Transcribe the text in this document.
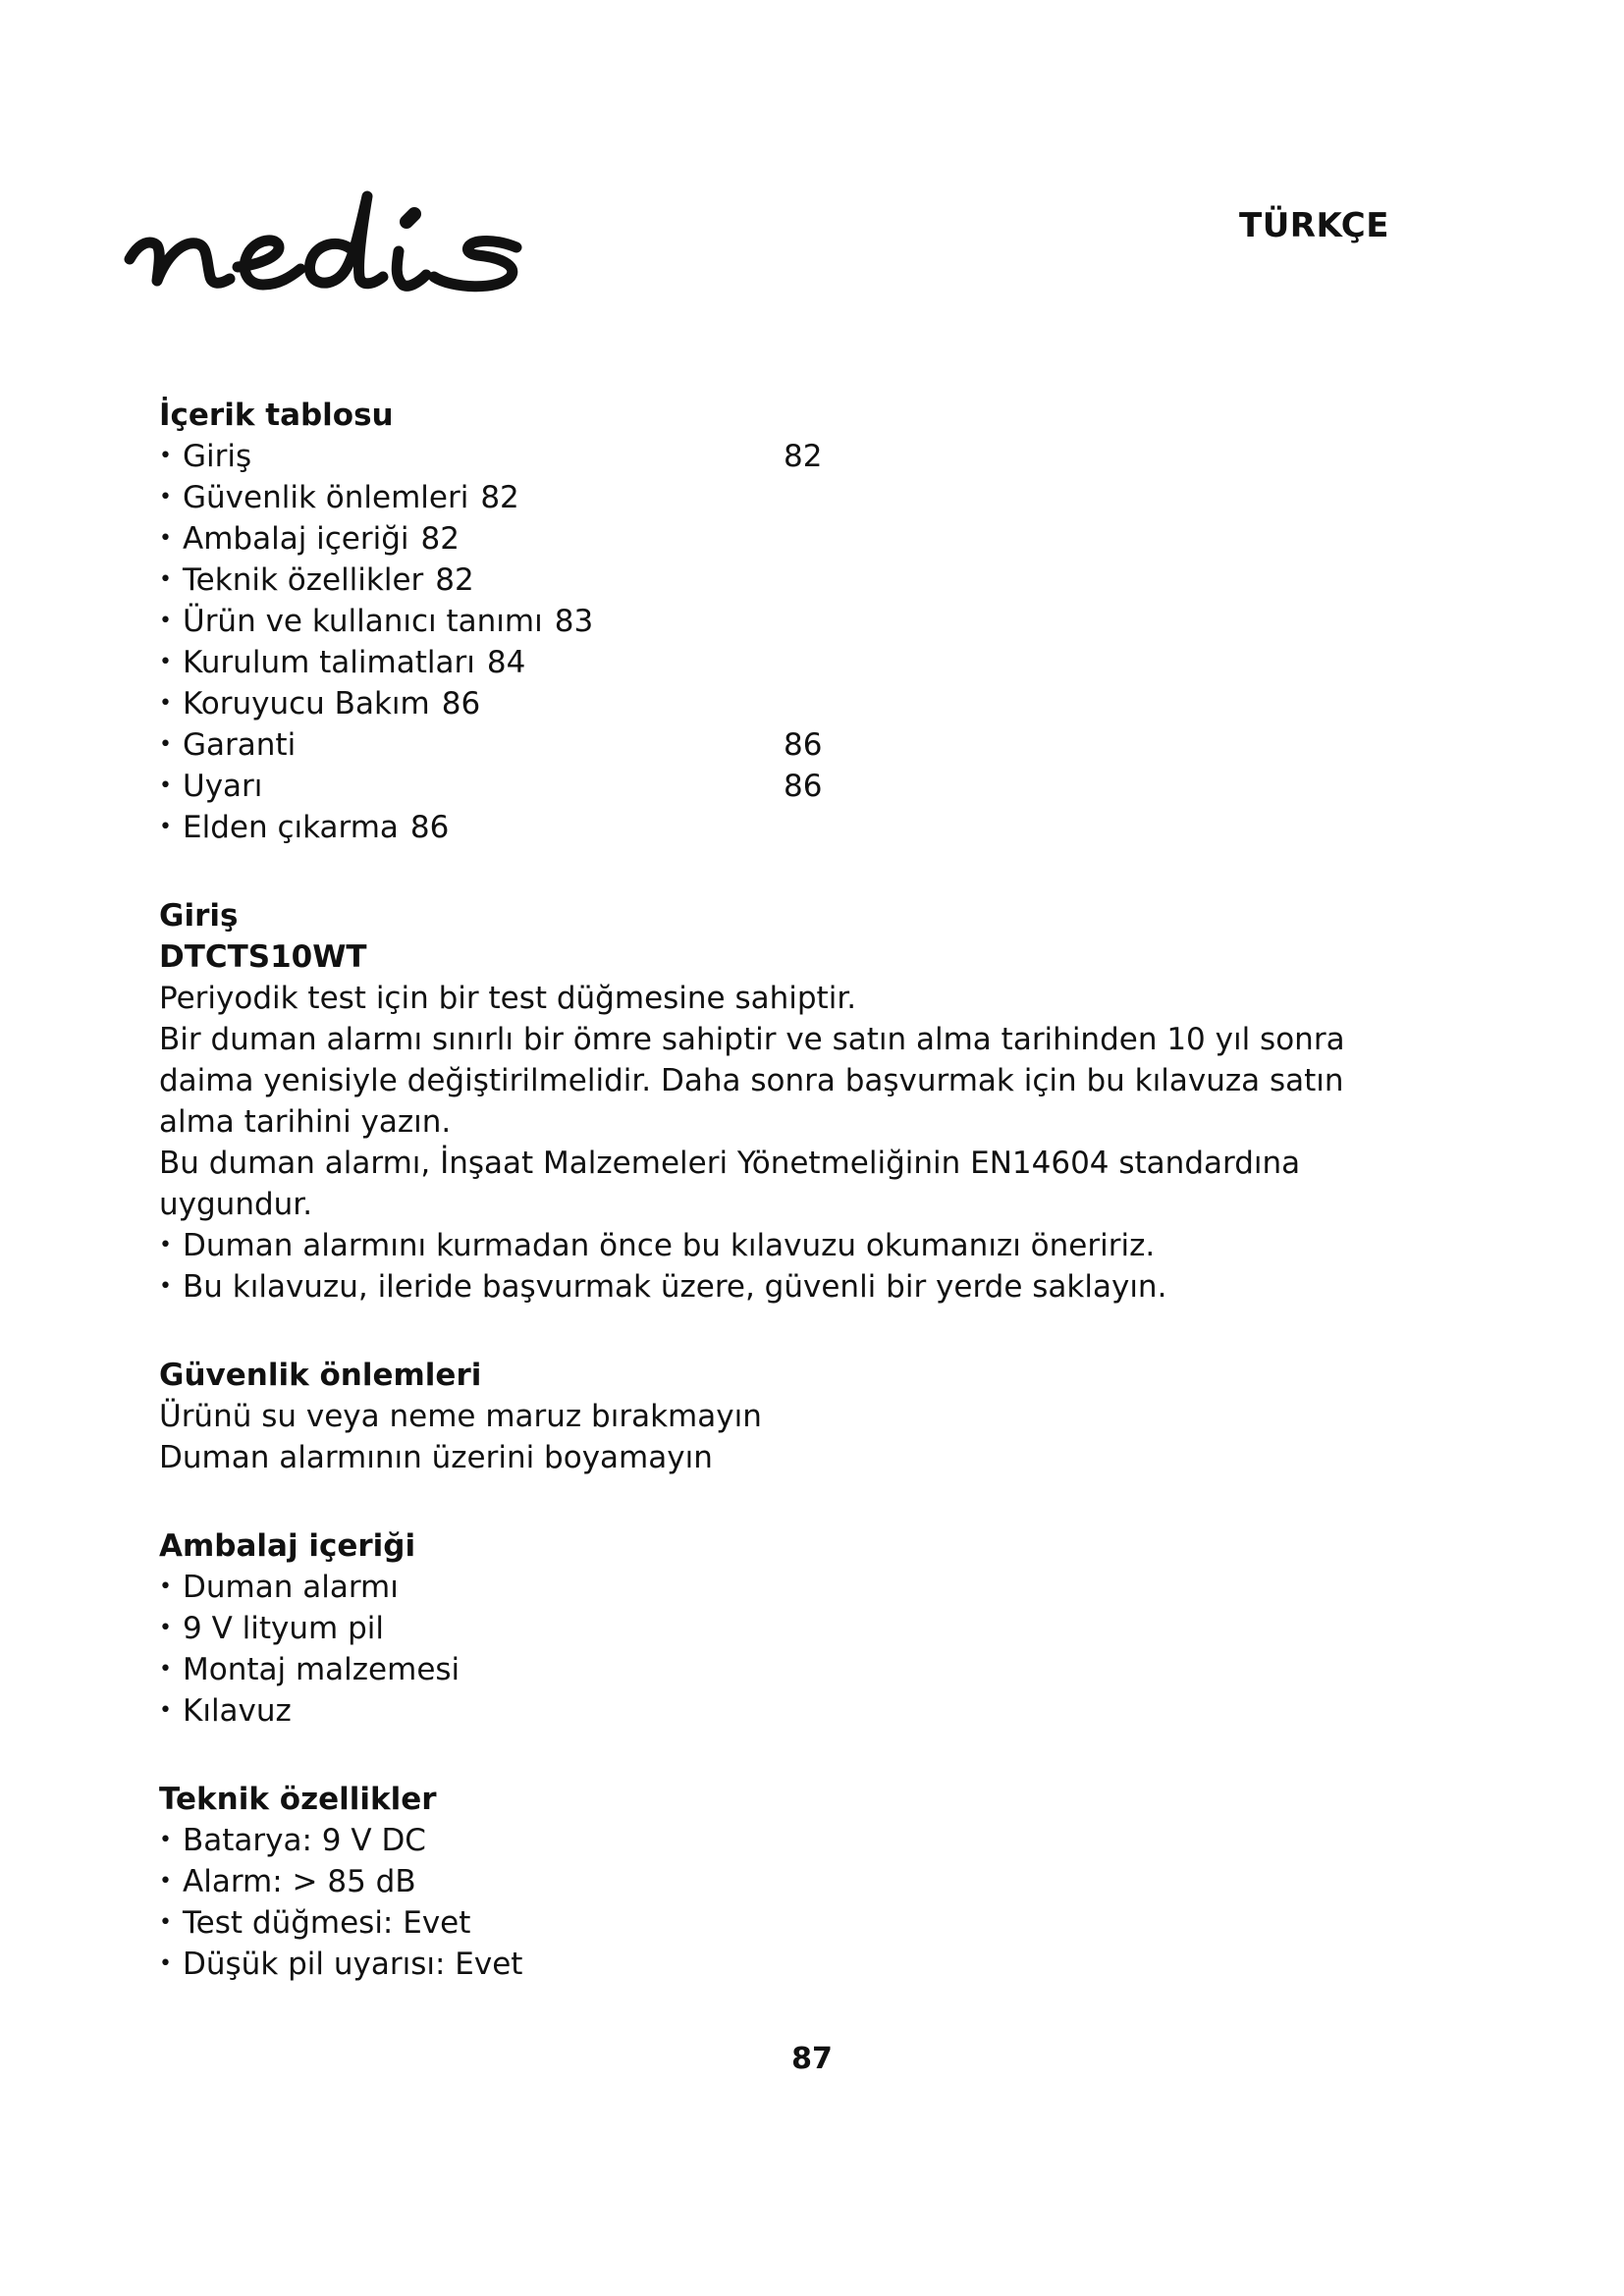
TÜRKÇE
İçerik tablosu
• Giriş	82
• Güvenlik önlemleri 82
• Ambalaj içeriği 82
• Teknik özellikler 82
• Ürün ve kullanıcı tanımı 83
• Kurulum talimatları 84
• Koruyucu Bakım 86
• Garanti	86
• Uyarı	86
• Elden çıkarma 86
Giriş
DTCTS10WT

Periyodik test için bir test düğmesine sahiptir.

Bir duman alarmı sınırlı bir ömre sahiptir ve satın alma tarihinden 10 yıl sonra daima yenisiyle değiştirilmelidir. Daha sonra başvurmak için bu kılavuza satın alma tarihini yazın.

Bu duman alarmı, İnşaat Malzemeleri Yönetmeliğinin EN14604 standardına uygundur.

• Duman alarmını kurmadan önce bu kılavuzu okumanızı öneririz.
• Bu kılavuzu, ileride başvurmak üzere, güvenli bir yerde saklayın.
Güvenlik önlemleri

Ürünü su veya neme maruz bırakmayın

Duman alarmının üzerini boyamayın

Ambalaj içeriği
• Duman alarmı
• 9 V lityum pil
• Montaj malzemesi
• Kılavuz
Teknik özellikler
• Batarya: 9 V DC
• Alarm: > 85 dB
• Test düğmesi: Evet
• Düşük pil uyarısı: Evet
87
